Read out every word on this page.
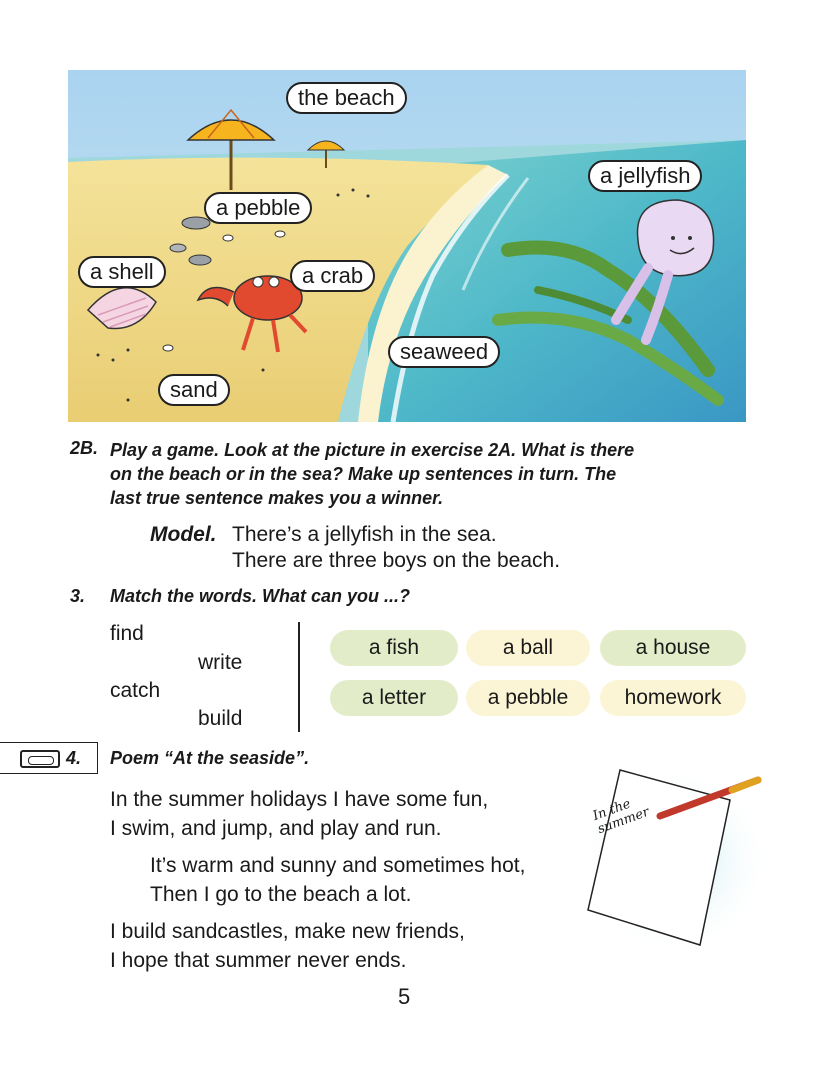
the beach
a jellyfish
a pebble
a shell	a crab
seaweed
sand
2B. Play a game. Look at the picture in exercise 2A. What is there
on the beach or in the sea? Make up sentences in turn. The
last true sentence makes you a winner.
Model. There’s a jellyfish in the sea.
There are three boys on the beach.
3. Match the words. What can you ...?
find
write
catch
build
a fish	a ball	a house
a letter	a pebble	homework
4. Poem “At the seaside”.
In the summer holidays I have some fun,
I swim, and jump, and play and run.
It’s warm and sunny and sometimes hot,
Then I go to the beach a lot.
I build sandcastles, make new friends,
I hope that summer never ends.
In the summer
5
